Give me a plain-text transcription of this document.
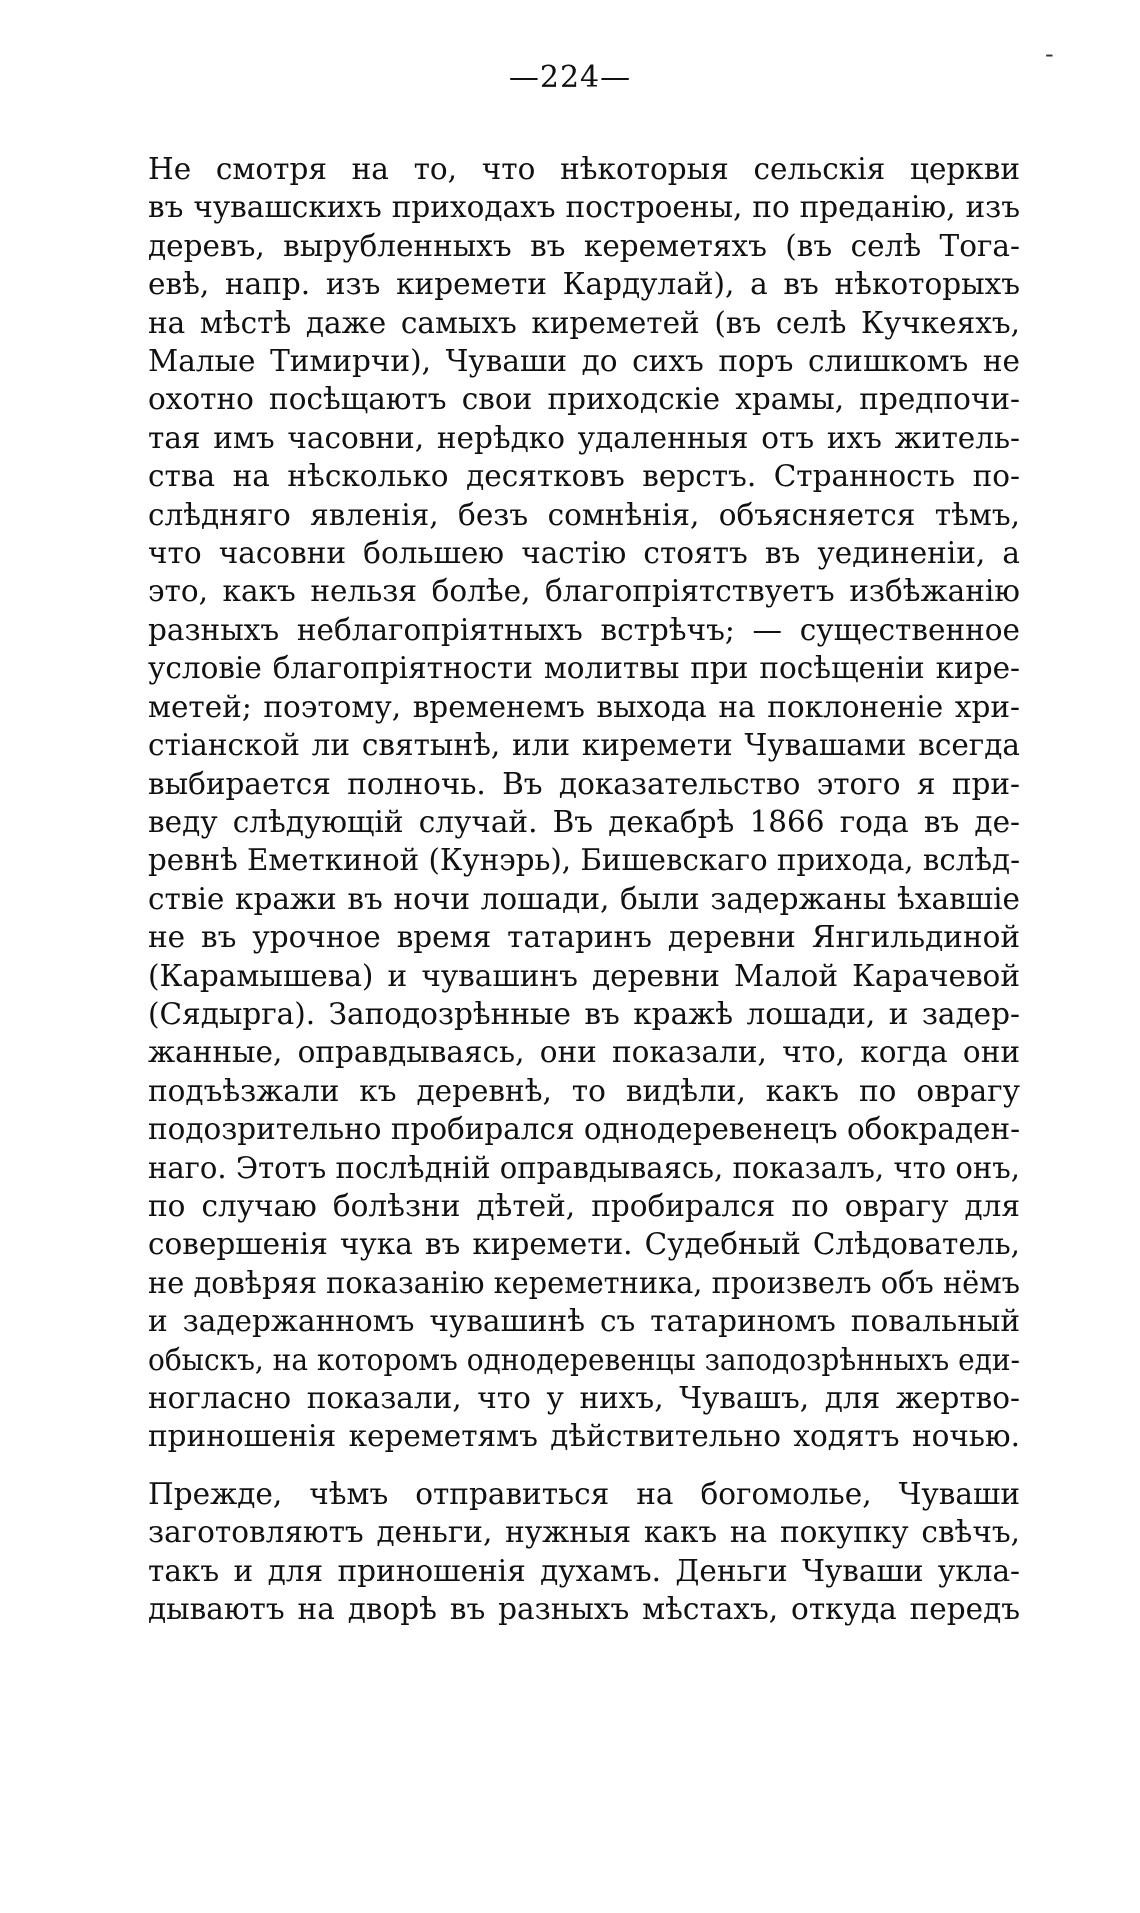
—224—

Не смотря на то, что нѣкоторыя сельскія церкви
въ чувашскихъ приходахъ построены, по преданію, изъ
деревъ, вырубленныхъ въ кереметяхъ (въ селѣ Тога-
евѣ, напр. изъ киремети Кардулай), а въ нѣкоторыхъ
на мѣстѣ даже самыхъ киреметей (въ селѣ Кучкеяхъ,
Малые Тимирчи), Чуваши до сихъ поръ слишкомъ не
охотно посѣщаютъ свои приходскіе храмы, предпочи-
тая имъ часовни, нерѣдко удаленныя отъ ихъ житель-
ства на нѣсколько десятковъ верстъ. Странность по-
слѣдняго явленія, безъ сомнѣнія, объясняется тѣмъ,
что часовни большею частію стоятъ въ уединеніи, а
это, какъ нельзя болѣе, благопріятствуетъ избѣжанію
разныхъ неблагопріятныхъ встрѣчъ; — существенное
условіе благопріятности молитвы при посѣщеніи кире-
метей; поэтому, временемъ выхода на поклоненіе хри-
стіанской ли святынѣ, или киремети Чувашами всегда
выбирается полночь. Въ доказательство этого я при-
веду слѣдующій случай. Въ декабрѣ 1866 года въ де-
ревнѣ Еметкиной (Кунэрь), Бишевскаго прихода, вслѣд-
ствіе кражи въ ночи лошади, были задержаны ѣхавшіе
не въ урочное время татаринъ деревни Янгильдиной
(Карамышева) и чувашинъ деревни Малой Карачевой
(Сядырга). Заподозрѣнные въ кражѣ лошади, и задер-
жанные, оправдываясь, они показали, что, когда они
подъѣзжали къ деревнѣ, то видѣли, какъ по оврагу
подозрительно пробирался однодеревенецъ обокраден-
наго. Этотъ послѣдній оправдываясь, показалъ, что онъ,
по случаю болѣзни дѣтей, пробирался по оврагу для
совершенія чука въ киремети. Судебный Слѣдователь,
не довѣряя показанію кереметника, произвелъ объ нёмъ
и задержанномъ чувашинѣ съ татариномъ повальный
обыскъ, на которомъ однодеревенцы заподозрѣнныхъ еди-
ногласно показали, что у нихъ, Чувашъ, для жертво-
приношенія кереметямъ дѣйствительно ходятъ ночью.

Прежде, чѣмъ отправиться на богомолье, Чуваши
заготовляютъ деньги, нужныя какъ на покупку свѣчъ,
такъ и для приношенія духамъ. Деньги Чуваши укла-
дываютъ на дворѣ въ разныхъ мѣстахъ, откуда передъ

-
